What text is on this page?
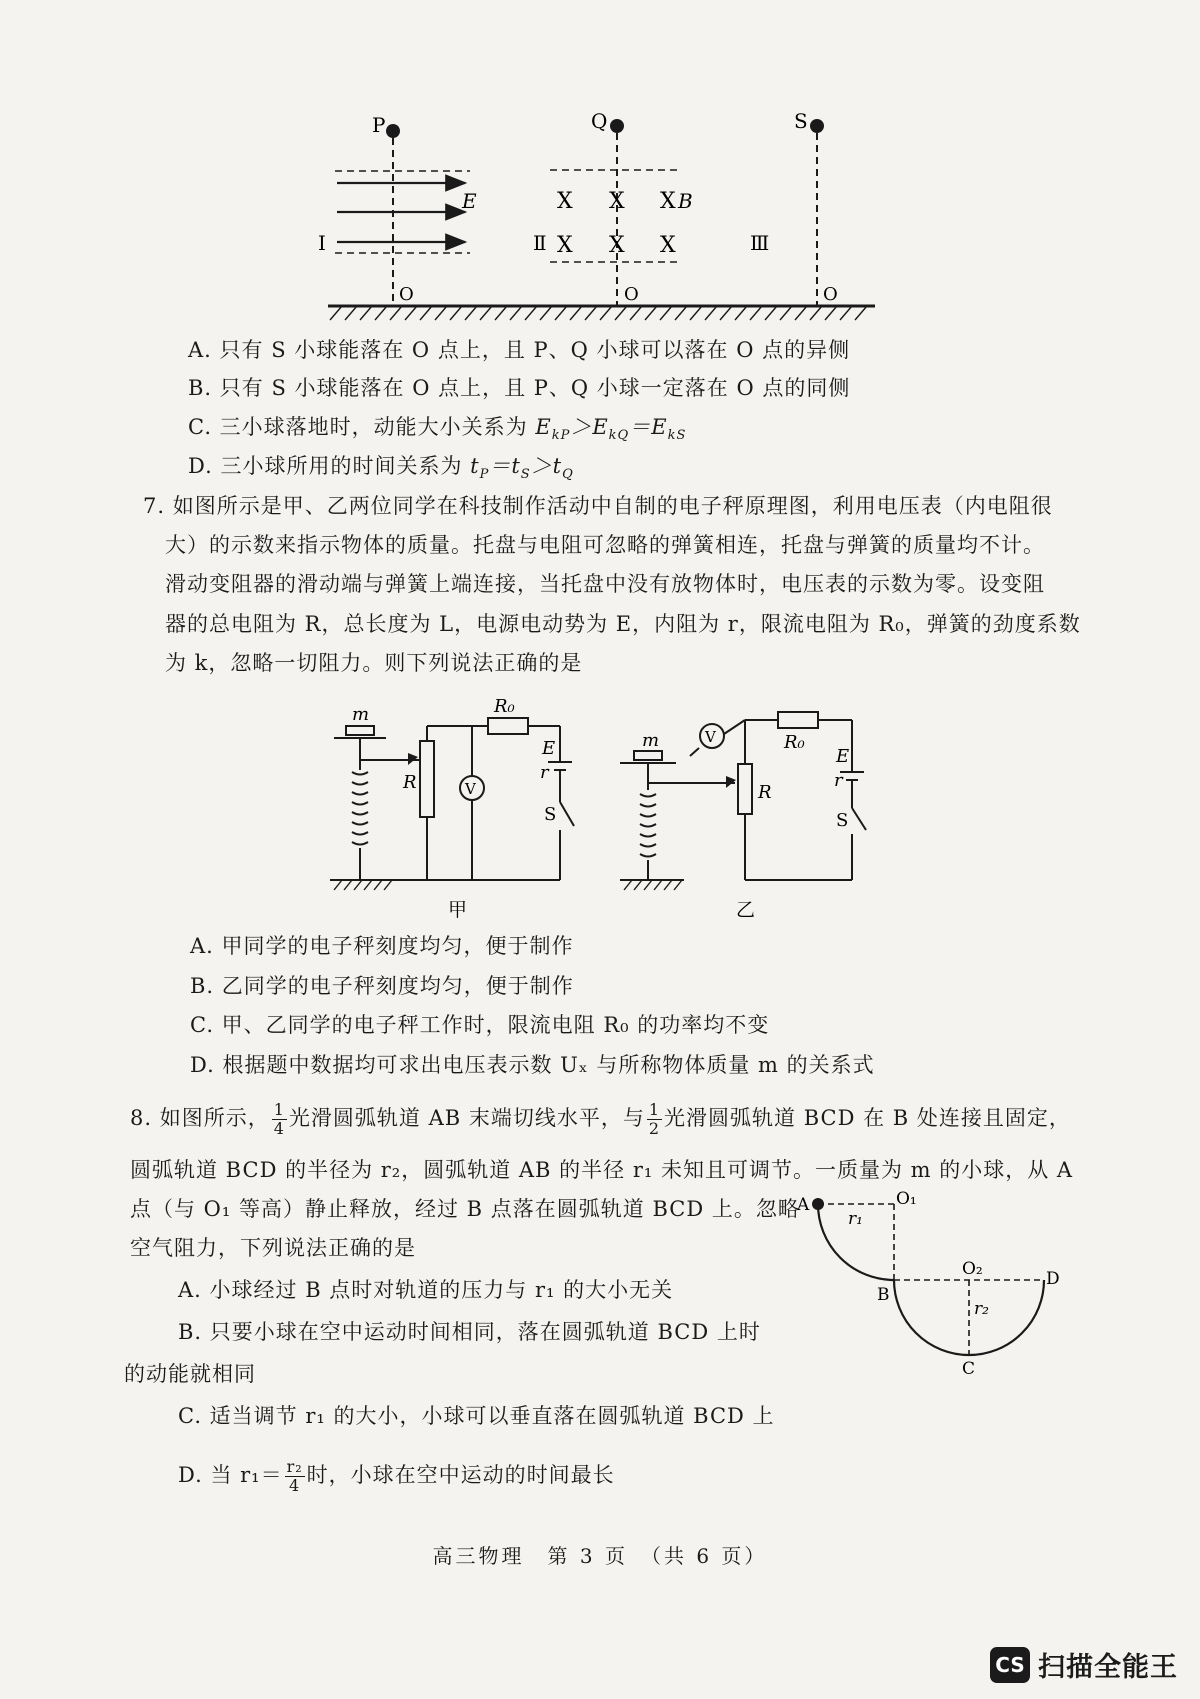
P
O
E
Ⅰ
Q
O
X X X
X X X
B
Ⅱ
S
O
Ⅲ
A. 只有 S 小球能落在 O 点上，且 P、Q 小球可以落在 O 点的异侧
B. 只有 S 小球能落在 O 点上，且 P、Q 小球一定落在 O 点的同侧
C. 三小球落地时，动能大小关系为 $E_{kP}>E_{kQ}=E_{kS}$
D. 三小球所用的时间关系为 $t_P=t_S>t_Q$
7. 如图所示是甲、乙两位同学在科技制作活动中自制的电子秤原理图，利用电压表（内电阻很
大）的示数来指示物体的质量。托盘与电阻可忽略的弹簧相连，托盘与弹簧的质量均不计。
滑动变阻器的滑动端与弹簧上端连接，当托盘中没有放物体时，电压表的示数为零。设变阻
器的总电阻为 R，总长度为 L，电源电动势为 E，内阻为 r，限流电阻为 R₀，弹簧的劲度系数
为 k，忽略一切阻力。则下列说法正确的是
m
R
R₀
E
r
S
V
甲
m
R
R₀
E
r
S
V
乙
A. 甲同学的电子秤刻度均匀，便于制作
B. 乙同学的电子秤刻度均匀，便于制作
C. 甲、乙同学的电子秤工作时，限流电阻 R₀ 的功率均不变
D. 根据题中数据均可求出电压表示数 Uₓ 与所称物体质量 m 的关系式
8. 如图所示， $\frac{1}{4}$ 光滑圆弧轨道 AB 末端切线水平，与 $\frac{1}{2}$ 光滑圆弧轨道 BCD 在 B 处连接且固定，
圆弧轨道 BCD 的半径为 r₂，圆弧轨道 AB 的半径 r₁ 未知且可调节。一质量为 m 的小球，从 A
点（与 O₁ 等高）静止释放，经过 B 点落在圆弧轨道 BCD 上。忽略
空气阻力，下列说法正确的是
A. 小球经过 B 点时对轨道的压力与 r₁ 的大小无关
B. 只要小球在空中运动时间相同，落在圆弧轨道 BCD 上时
的动能就相同
C. 适当调节 r₁ 的大小，小球可以垂直落在圆弧轨道 BCD 上
D. 当 $r_1= \frac{\text{r₂}}{4}$ 时，小球在空中运动的时间最长
A	O₁
r₁
B
O₂	D
r₂
C
高三物理　第 3 页　（共 6 页）
CS 扫描全能王
